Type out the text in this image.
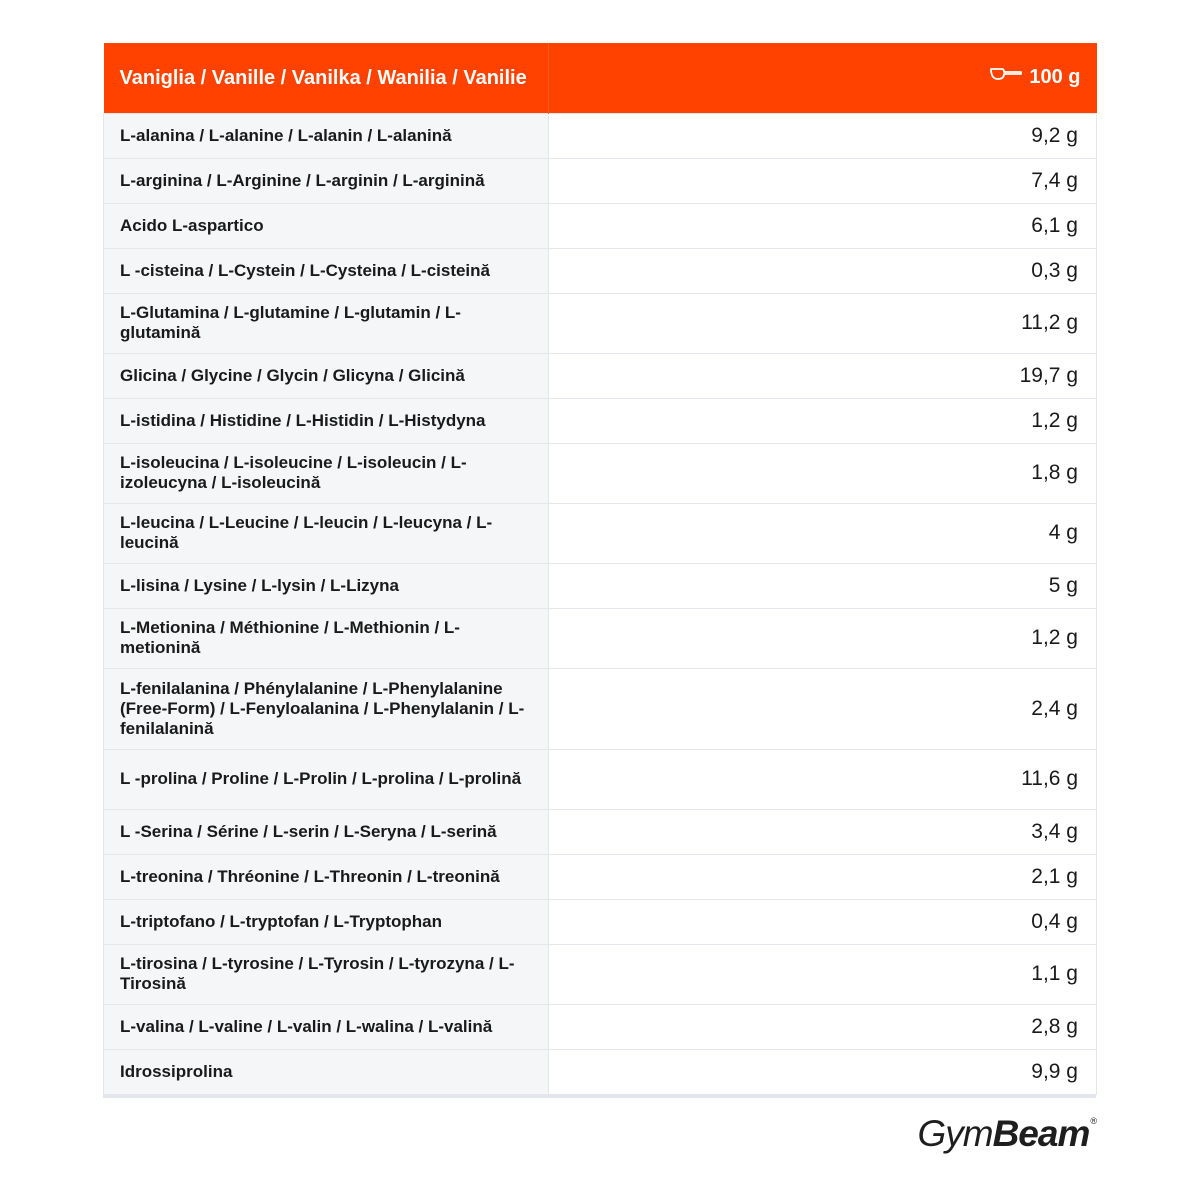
Vaniglia / Vanille / Vanilka / Wanilia / Vanilie	100 g
L-alanina / L-alanine / L-alanin / L-alanină	9,2 g
L-arginina / L-Arginine / L-arginin / L-arginină	7,4 g
Acido L-aspartico	6,1 g
L -cisteina / L-Cystein / L-Cysteina / L-cisteină	0,3 g
L-Glutamina / L-glutamine / L-glutamin / L-glutamină	11,2 g
Glicina / Glycine / Glycin / Glicyna / Glicină	19,7 g
L-istidina / Histidine / L-Histidin / L-Histydyna	1,2 g
L-isoleucina / L-isoleucine / L-isoleucin / L-izoleucyna / L-isoleucină	1,8 g
L-leucina / L-Leucine / L-leucin / L-leucyna / L-leucină	4 g
L-lisina / Lysine / L-lysin / L-Lizyna	5 g
L-Metionina / Méthionine / L-Methionin / L-metionină	1,2 g
L-fenilalanina / Phénylalanine / L-Phenylalanine (Free-Form) / L-Fenyloalanina / L-Phenylalanin / L-fenilalanină	2,4 g
L -prolina / Proline / L-Prolin / L-prolina / L-prolină	11,6 g
L -Serina / Sérine / L-serin / L-Seryna / L-serină	3,4 g
L-treonina / Thréonine / L-Threonin / L-treonină	2,1 g
L-triptofano / L-tryptofan / L-Tryptophan	0,4 g
L-tirosina / L-tyrosine / L-Tyrosin / L-tyrozyna / L-Tirosină	1,1 g
L-valina / L-valine / L-valin / L-walina / L-valină	2,8 g
Idrossiprolina	9,9 g
GymBeam®
